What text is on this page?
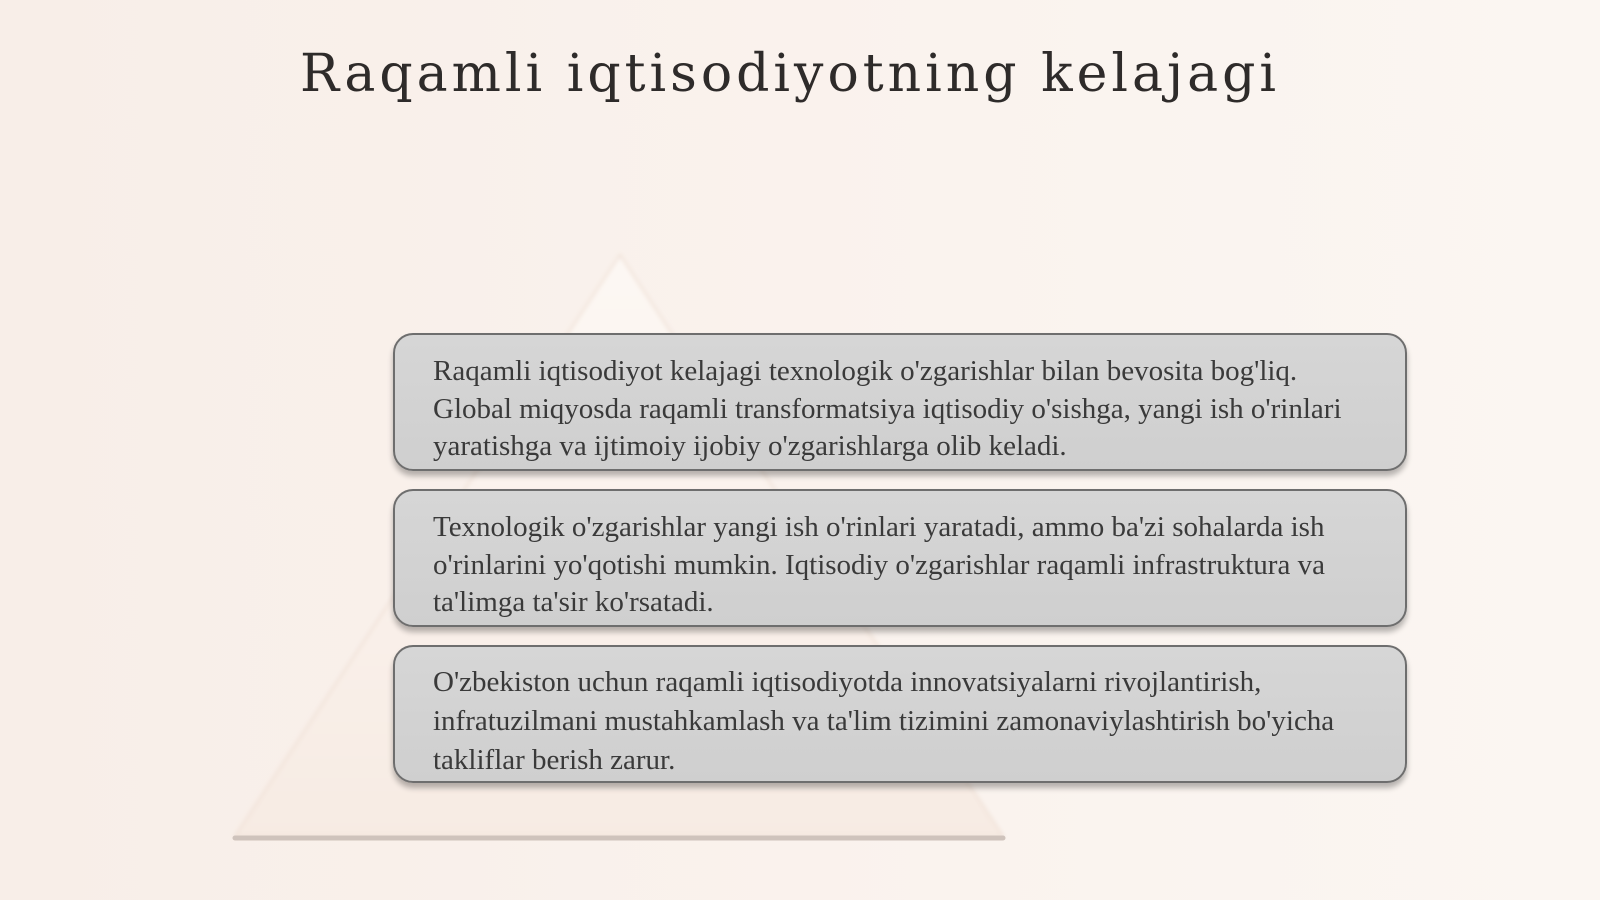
Raqamli iqtisodiyotning kelajagi
Raqamli iqtisodiyot kelajagi texnologik o'zgarishlar bilan bevosita bog'liq. Global miqyosda raqamli transformatsiya iqtisodiy o'sishga, yangi ish o'rinlari yaratishga va ijtimoiy ijobiy o'zgarishlarga olib keladi.
Texnologik o'zgarishlar yangi ish o'rinlari yaratadi, ammo ba'zi sohalarda ish o'rinlarini yo'qotishi mumkin. Iqtisodiy o'zgarishlar raqamli infrastruktura va ta'limga ta'sir ko'rsatadi.
O'zbekiston uchun raqamli iqtisodiyotda innovatsiyalarni rivojlantirish, infratuzilmani mustahkamlash va ta'lim tizimini zamonaviylashtirish bo'yicha takliflar berish zarur.
